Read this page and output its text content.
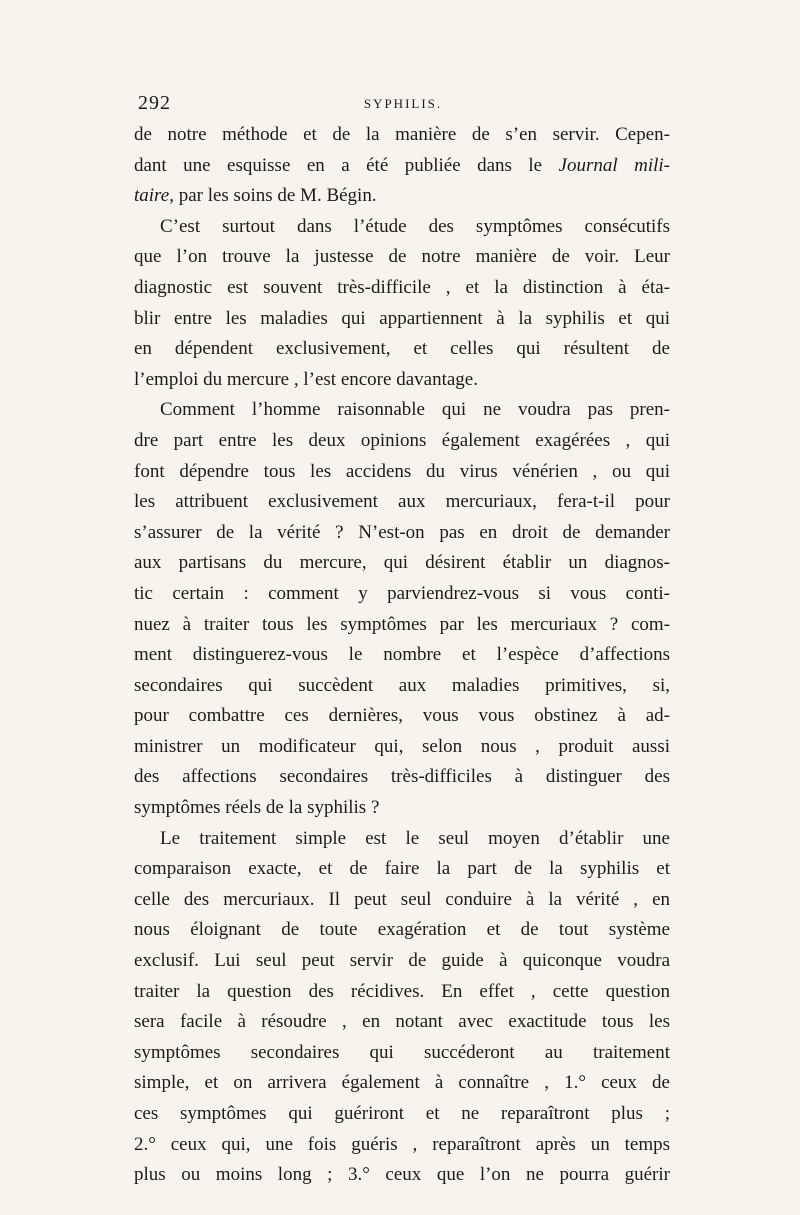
292	SYPHILIS.
de notre méthode et de la manière de s’en servir. Cepen-
dant une esquisse en a été publiée dans le Journal mili-
taire, par les soins de M. Bégin.
C’est surtout dans l’étude des symptômes consécutifs
que l’on trouve la justesse de notre manière de voir. Leur
diagnostic est souvent très-difficile , et la distinction à éta-
blir entre les maladies qui appartiennent à la syphilis et qui
en dépendent exclusivement, et celles qui résultent de
l’emploi du mercure , l’est encore davantage.
Comment l’homme raisonnable qui ne voudra pas pren-
dre part entre les deux opinions également exagérées , qui
font dépendre tous les accidens du virus vénérien , ou qui
les attribuent exclusivement aux mercuriaux, fera-t-il pour
s’assurer de la vérité ? N’est-on pas en droit de demander
aux partisans du mercure, qui désirent établir un diagnos-
tic certain : comment y parviendrez-vous si vous conti-
nuez à traiter tous les symptômes par les mercuriaux ? com-
ment distinguerez-vous le nombre et l’espèce d’affections
secondaires qui succèdent aux maladies primitives, si,
pour combattre ces dernières, vous vous obstinez à ad-
ministrer un modificateur qui, selon nous , produit aussi
des affections secondaires très-difficiles à distinguer des
symptômes réels de la syphilis ?
Le traitement simple est le seul moyen d’établir une
comparaison exacte, et de faire la part de la syphilis et
celle des mercuriaux. Il peut seul conduire à la vérité , en
nous éloignant de toute exagération et de tout système
exclusif. Lui seul peut servir de guide à quiconque voudra
traiter la question des récidives. En effet , cette question
sera facile à résoudre , en notant avec exactitude tous les
symptômes secondaires qui succéderont au traitement
simple, et on arrivera également à connaître , 1.° ceux de
ces symptômes qui guériront et ne reparaîtront plus ;
2.° ceux qui, une fois guéris , reparaîtront après un temps
plus ou moins long ; 3.° ceux que l’on ne pourra guérir
